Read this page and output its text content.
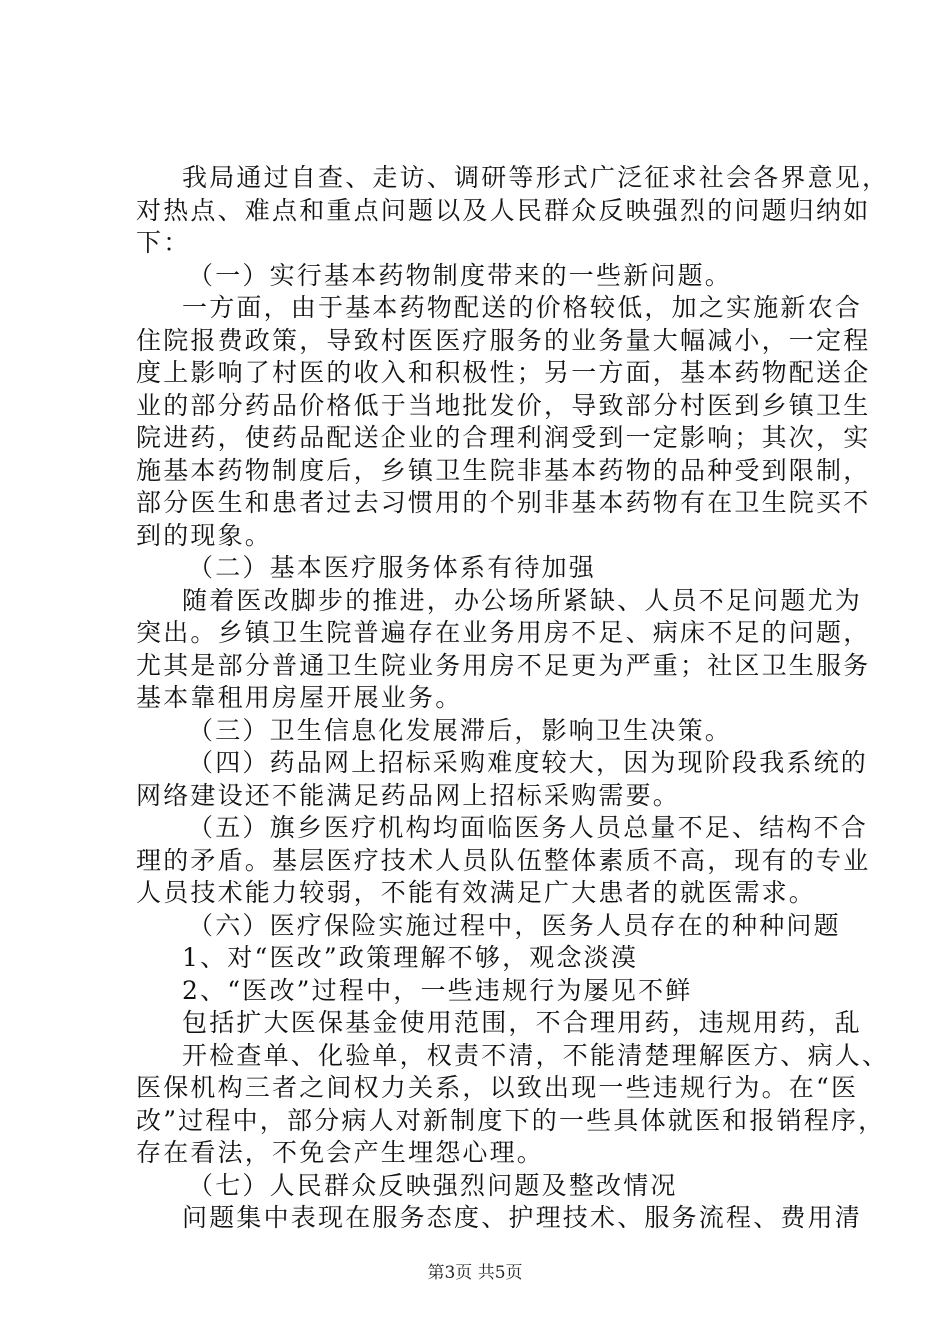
我局通过自查、走访、调研等形式广泛征求社会各界意见，
对热点、难点和重点问题以及人民群众反映强烈的问题归纳如
下：
（一）实行基本药物制度带来的一些新问题。
一方面，由于基本药物配送的价格较低，加之实施新农合
住院报费政策，导致村医医疗服务的业务量大幅减小，一定程
度上影响了村医的收入和积极性；另一方面，基本药物配送企
业的部分药品价格低于当地批发价，导致部分村医到乡镇卫生
院进药，使药品配送企业的合理利润受到一定影响；其次，实
施基本药物制度后，乡镇卫生院非基本药物的品种受到限制，
部分医生和患者过去习惯用的个别非基本药物有在卫生院买不
到的现象。
（二）基本医疗服务体系有待加强
随着医改脚步的推进，办公场所紧缺、人员不足问题尤为
突出。乡镇卫生院普遍存在业务用房不足、病床不足的问题，
尤其是部分普通卫生院业务用房不足更为严重；社区卫生服务
基本靠租用房屋开展业务。
（三）卫生信息化发展滞后，影响卫生决策。
（四）药品网上招标采购难度较大，因为现阶段我系统的
网络建设还不能满足药品网上招标采购需要。
（五）旗乡医疗机构均面临医务人员总量不足、结构不合
理的矛盾。基层医疗技术人员队伍整体素质不高，现有的专业
人员技术能力较弱，不能有效满足广大患者的就医需求。
（六）医疗保险实施过程中，医务人员存在的种种问题
1、对“医改”政策理解不够，观念淡漠
2、“医改”过程中，一些违规行为屡见不鲜
包括扩大医保基金使用范围，不合理用药，违规用药，乱
开检查单、化验单，权责不清，不能清楚理解医方、病人、
医保机构三者之间权力关系，以致出现一些违规行为。在“医
改”过程中，部分病人对新制度下的一些具体就医和报销程序，
存在看法，不免会产生埋怨心理。
（七）人民群众反映强烈问题及整改情况
问题集中表现在服务态度、护理技术、服务流程、费用清
第3页 共5页
